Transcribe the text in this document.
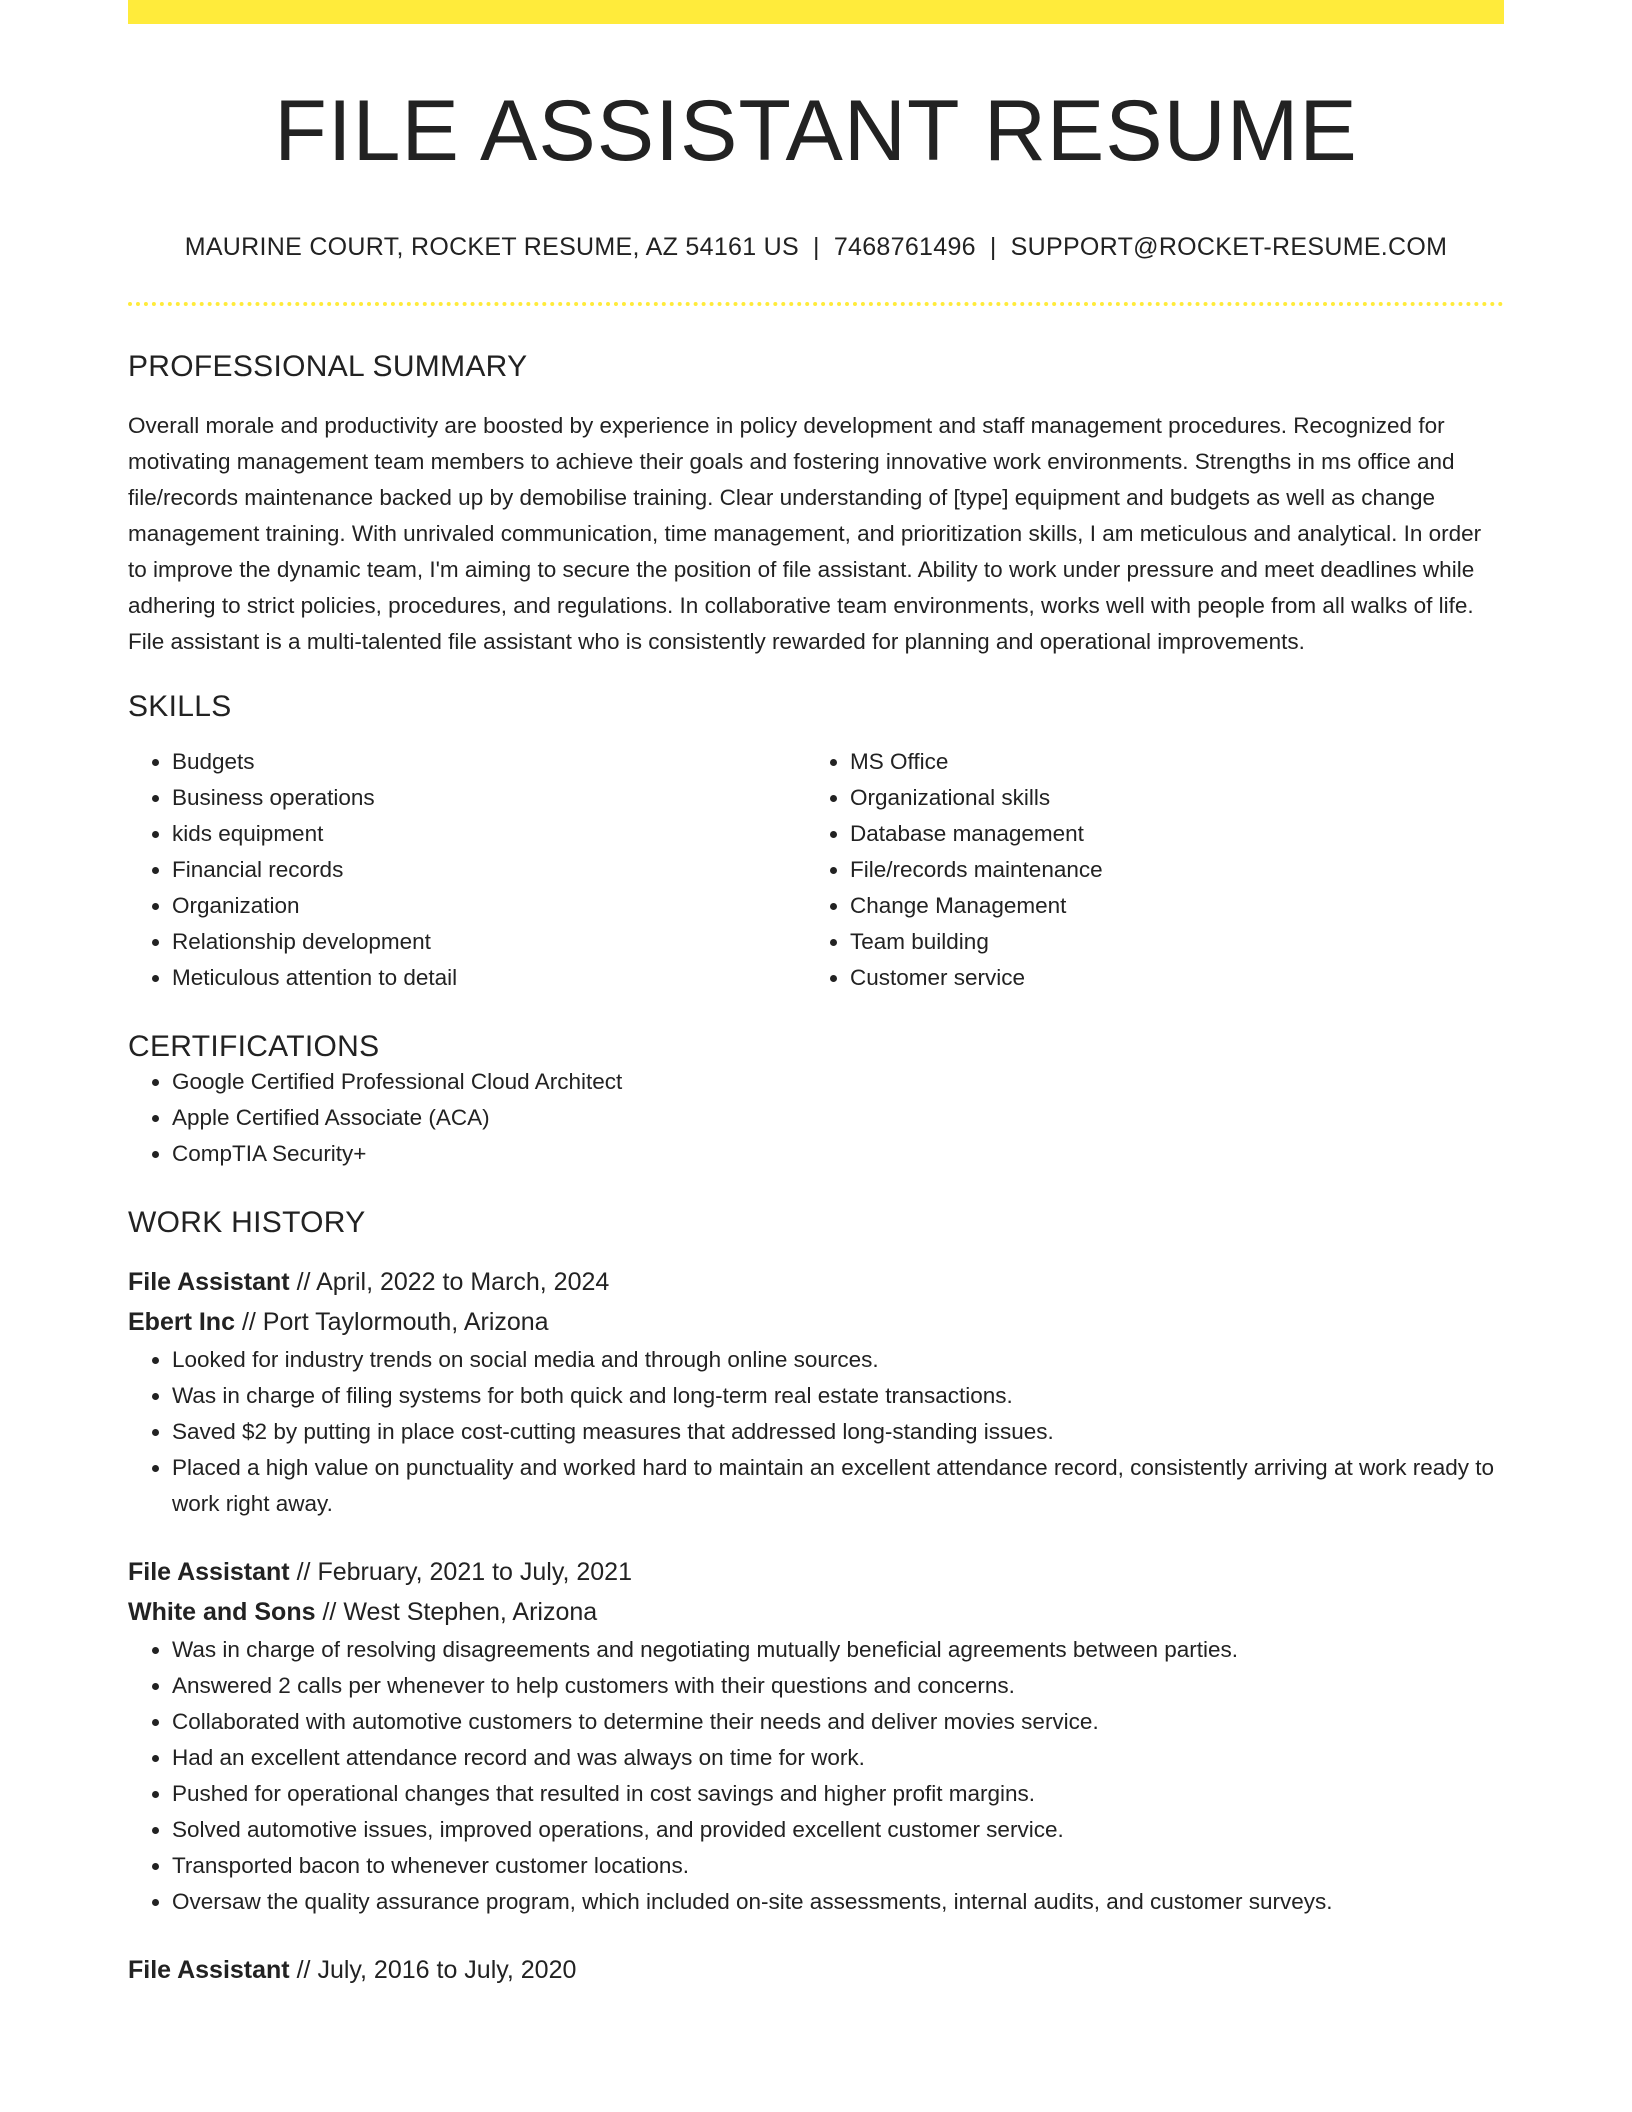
FILE ASSISTANT RESUME
MAURINE COURT, ROCKET RESUME, AZ 54161 US | 7468761496 | SUPPORT@ROCKET-RESUME.COM
PROFESSIONAL SUMMARY

Overall morale and productivity are boosted by experience in policy development and staff management procedures. Recognized for motivating management team members to achieve their goals and fostering innovative work environments. Strengths in ms office and file/records maintenance backed up by demobilise training. Clear understanding of [type] equipment and budgets as well as change management training. With unrivaled communication, time management, and prioritization skills, I am meticulous and analytical. In order to improve the dynamic team, I'm aiming to secure the position of file assistant. Ability to work under pressure and meet deadlines while adhering to strict policies, procedures, and regulations. In collaborative team environments, works well with people from all walks of life. File assistant is a multi-talented file assistant who is consistently rewarded for planning and operational improvements.

SKILLS
• Budgets
• Business operations
• kids equipment
• Financial records
• Organization
• Relationship development
• Meticulous attention to detail
• MS Office
• Organizational skills
• Database management
• File/records maintenance
• Change Management
• Team building
• Customer service
CERTIFICATIONS
• Google Certified Professional Cloud Architect
• Apple Certified Associate (ACA)
• CompTIA Security+
WORK HISTORY
File Assistant // April, 2022 to March, 2024
Ebert Inc // Port Taylormouth, Arizona
• Looked for industry trends on social media and through online sources.
• Was in charge of filing systems for both quick and long-term real estate transactions.
• Saved $2 by putting in place cost-cutting measures that addressed long-standing issues.
• Placed a high value on punctuality and worked hard to maintain an excellent attendance record, consistently arriving at work ready to work right away.
File Assistant // February, 2021 to July, 2021
White and Sons // West Stephen, Arizona
• Was in charge of resolving disagreements and negotiating mutually beneficial agreements between parties.
• Answered 2 calls per whenever to help customers with their questions and concerns.
• Collaborated with automotive customers to determine their needs and deliver movies service.
• Had an excellent attendance record and was always on time for work.
• Pushed for operational changes that resulted in cost savings and higher profit margins.
• Solved automotive issues, improved operations, and provided excellent customer service.
• Transported bacon to whenever customer locations.
• Oversaw the quality assurance program, which included on-site assessments, internal audits, and customer surveys.
File Assistant // July, 2016 to July, 2020
